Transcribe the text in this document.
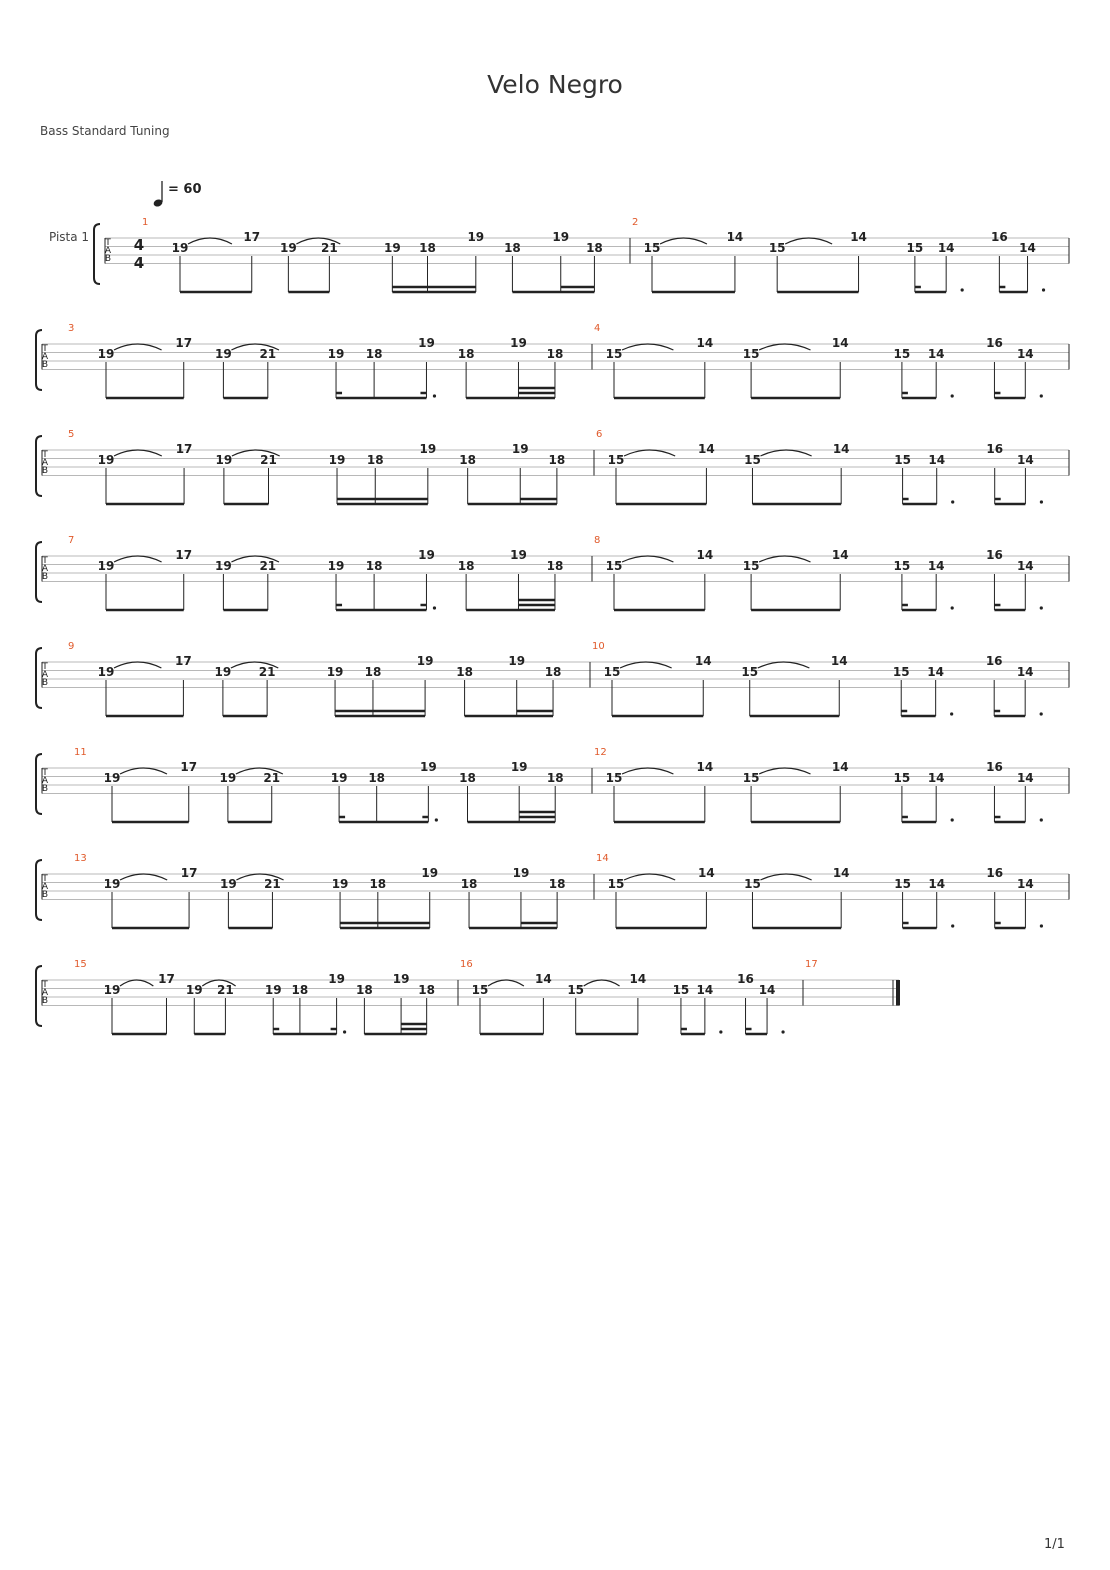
Velo Negro
Bass Standard Tuning
T
A
B
Pista 1	4
4
1
19
17
19 21	19 18
19
18
19
18
2
15
14
15
14
15 14
16
14
= 60
T
A
B
3
19
17
19 21	19 18
19
18
19
18
4
15
14
15
14
15 14
16
14
T
A
B
5
19
17
19 21	19 18
19
18
19
18
6
15
14
15
14
15 14
16
14
T
A
B
7
19
17
19 21	19 18
19
18
19
18
8
15
14
15
14
15 14
16
14
T
A
B
9
19
17
19 21	19 18
19
18
19
18
10
15
14
15
14
15 14
16
14
T
A
B
11
19
17
19 21	19 18
19
18
19
18
12
15
14
15
14
15 14
16
14
T
A
B
13
19
17
19 21	19 18
19
18
19
18
14
15
14
15
14
15 14
16
14
T
A
B
15
19
17
19 21	19 18
19
18
19
18
16
15
14
15
14
15 14
16
14
17
1/1
